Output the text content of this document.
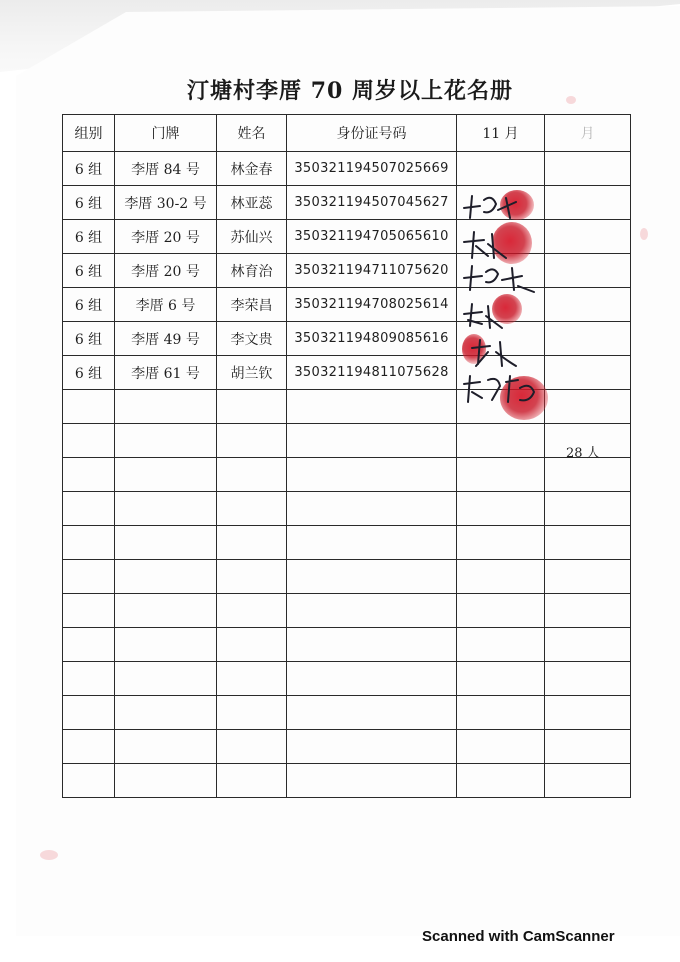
汀塘村李厝 70 周岁以上花名册
组别	门牌	姓名	身份证号码	11 月	月
6 组	李厝 84 号	林金春	350321194507025669		
6 组	李厝 30-2 号	林亚蕊	350321194507045627		
6 组	李厝 20 号	苏仙兴	350321194705065610		
6 组	李厝 20 号	林育治	350321194711075620		
6 组	李厝 6 号	李荣昌	350321194708025614		
6 组	李厝 49 号	李文贵	350321194809085616		
6 组	李厝 61 号	胡兰钦	350321194811075628		

28 人
Scanned with CamScanner
